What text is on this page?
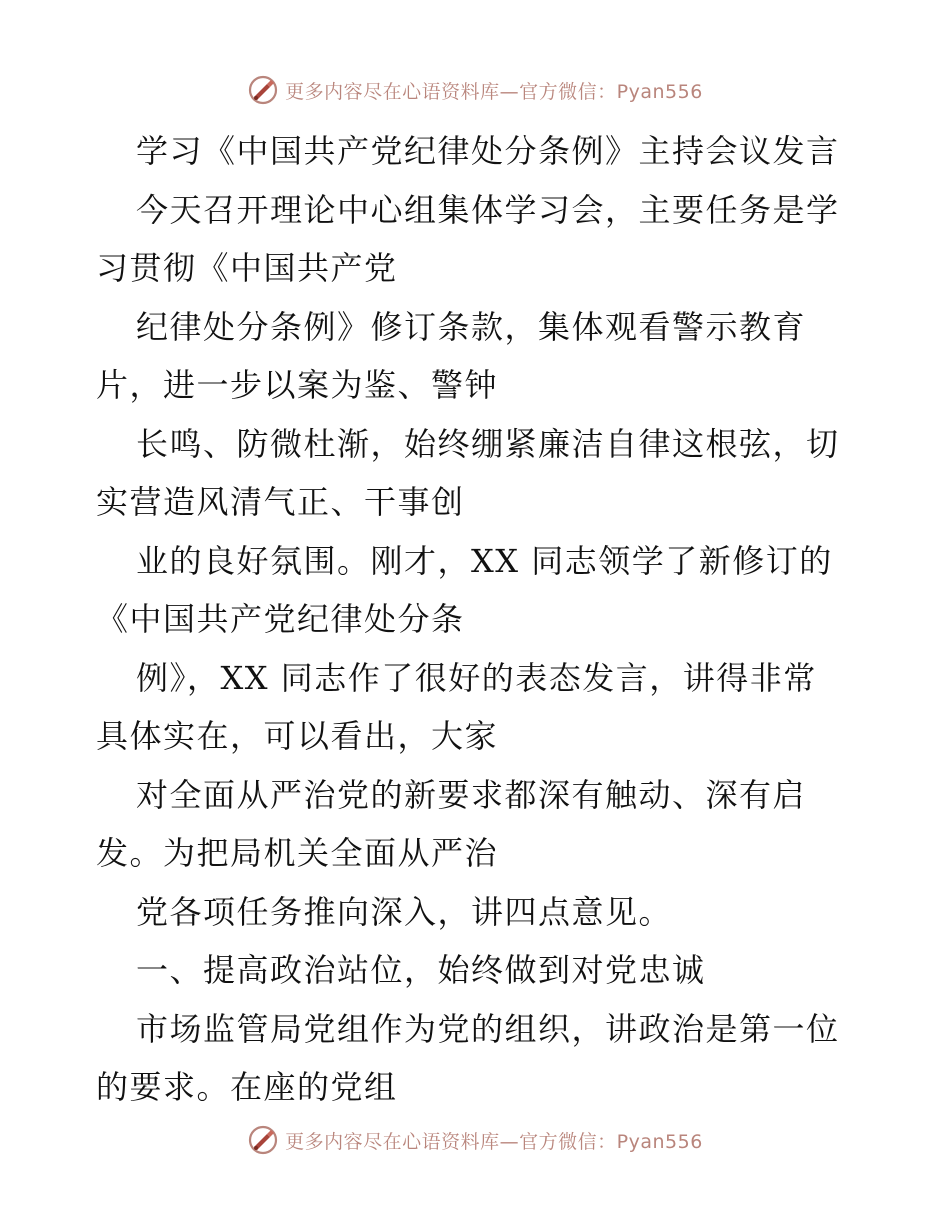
更多内容尽在心语资料库—官方微信：Pyan556
学习《中国共产党纪律处分条例》主持会议发言
今天召开理论中心组集体学习会，主要任务是学
习贯彻《中国共产党
纪律处分条例》修订条款，集体观看警示教育
片，进一步以案为鉴、警钟
长鸣、防微杜渐，始终绷紧廉洁自律这根弦，切
实营造风清气正、干事创
业的良好氛围。刚才，XX 同志领学了新修订的
《中国共产党纪律处分条
例》，XX 同志作了很好的表态发言，讲得非常
具体实在，可以看出，大家
对全面从严治党的新要求都深有触动、深有启
发。为把局机关全面从严治
党各项任务推向深入，讲四点意见。
一、提高政治站位，始终做到对党忠诚
市场监管局党组作为党的组织，讲政治是第一位
的要求。在座的党组
更多内容尽在心语资料库—官方微信：Pyan556
